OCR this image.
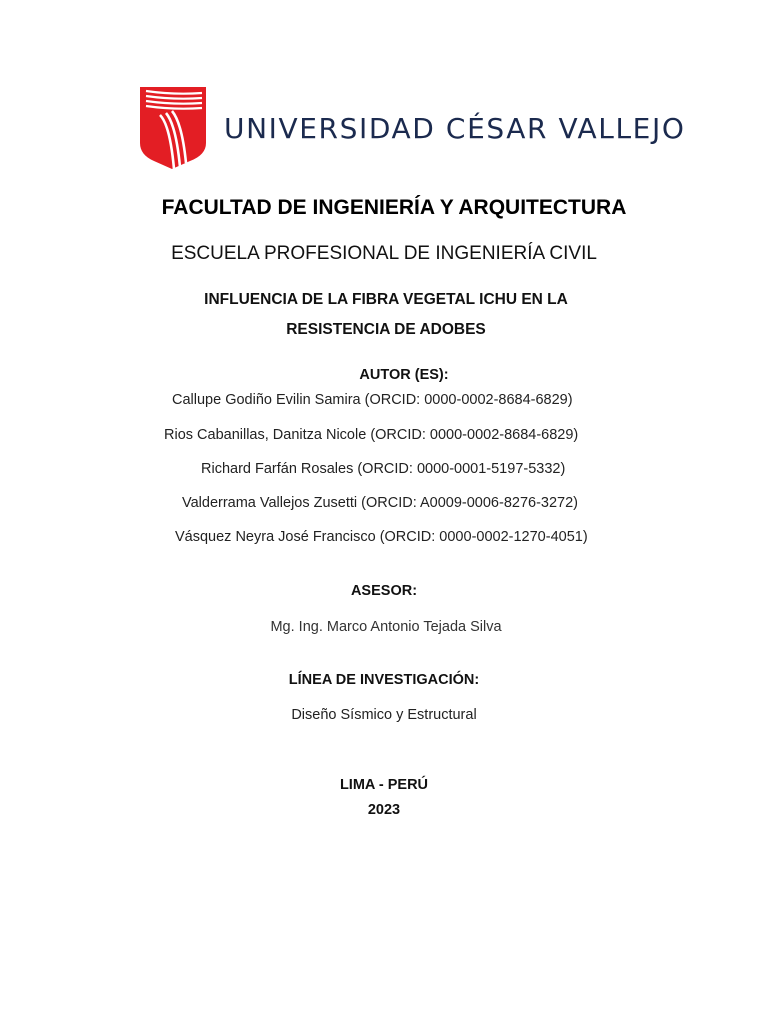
UNIVERSIDAD CÉSAR VALLEJO
FACULTAD DE INGENIERÍA Y ARQUITECTURA
ESCUELA PROFESIONAL DE INGENIERÍA CIVIL
INFLUENCIA DE LA FIBRA VEGETAL ICHU EN LA
RESISTENCIA DE ADOBES
AUTOR (ES):
Callupe Godiño Evilin Samira (ORCID: 0000-0002-8684-6829)
Rios Cabanillas, Danitza Nicole (ORCID: 0000-0002-8684-6829)
Richard Farfán Rosales (ORCID: 0000-0001-5197-5332)
Valderrama Vallejos Zusetti (ORCID: A0009-0006-8276-3272)
Vásquez Neyra José Francisco (ORCID: 0000-0002-1270-4051)
ASESOR:
Mg. Ing. Marco Antonio Tejada Silva
LÍNEA DE INVESTIGACIÓN:
Diseño Sísmico y Estructural
LIMA - PERÚ
2023
